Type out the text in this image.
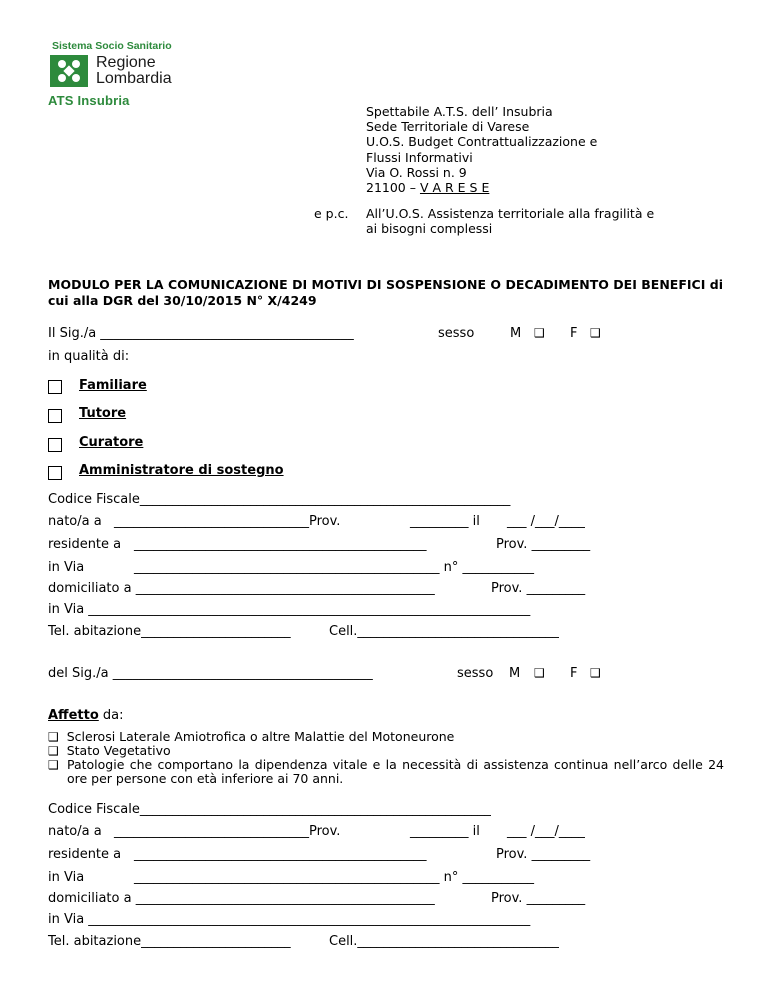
Sistema Socio Sanitario
Regione
Lombardia
ATS Insubria
Spettabile A.T.S. dell’ Insubria
Sede Territoriale di Varese
U.O.S. Budget Contrattualizzazione e
Flussi Informativi
Via O. Rossi n. 9
21100 – V A R E S E
e p.c. All’U.O.S. Assistenza territoriale alla fragilità e
ai bisogni complessi
MODULO PER LA COMUNICAZIONE DI MOTIVI DI SOSPENSIONE O DECADIMENTO DEI BENEFICI di cui alla DGR del 30/10/2015 N° X/4249
Il Sig./a _______________________________________	sesso	M ❑ F ❑
in qualità di:
Familiare
Tutore
Curatore
Amministratore di sostegno
Codice Fiscale_________________________________________________________
nato/a a ______________________________Prov.	_________ il ___ /___/____
residente a _____________________________________________	Prov. _________
in Via	_______________________________________________ n° ___________
domiciliato a ______________________________________________	Prov. _________
in Via ____________________________________________________________________
Tel. abitazione_______________________	Cell._______________________________
del Sig./a ________________________________________	sesso M ❑ F ❑
Affetto da:
❑ Sclerosi Laterale Amiotrofica o altre Malattie del Motoneurone
❑ Stato Vegetativo
❑ Patologie che comportano la dipendenza vitale e la necessità di assistenza continua nell’arco delle 24 ore per persone con età inferiore ai 70 anni.
Codice Fiscale______________________________________________________
nato/a a ______________________________Prov.	_________ il ___ /___/____
residente a _____________________________________________	Prov. _________
in Via	_______________________________________________ n° ___________
domiciliato a ______________________________________________	Prov. _________
in Via ____________________________________________________________________
Tel. abitazione_______________________	Cell._______________________________
